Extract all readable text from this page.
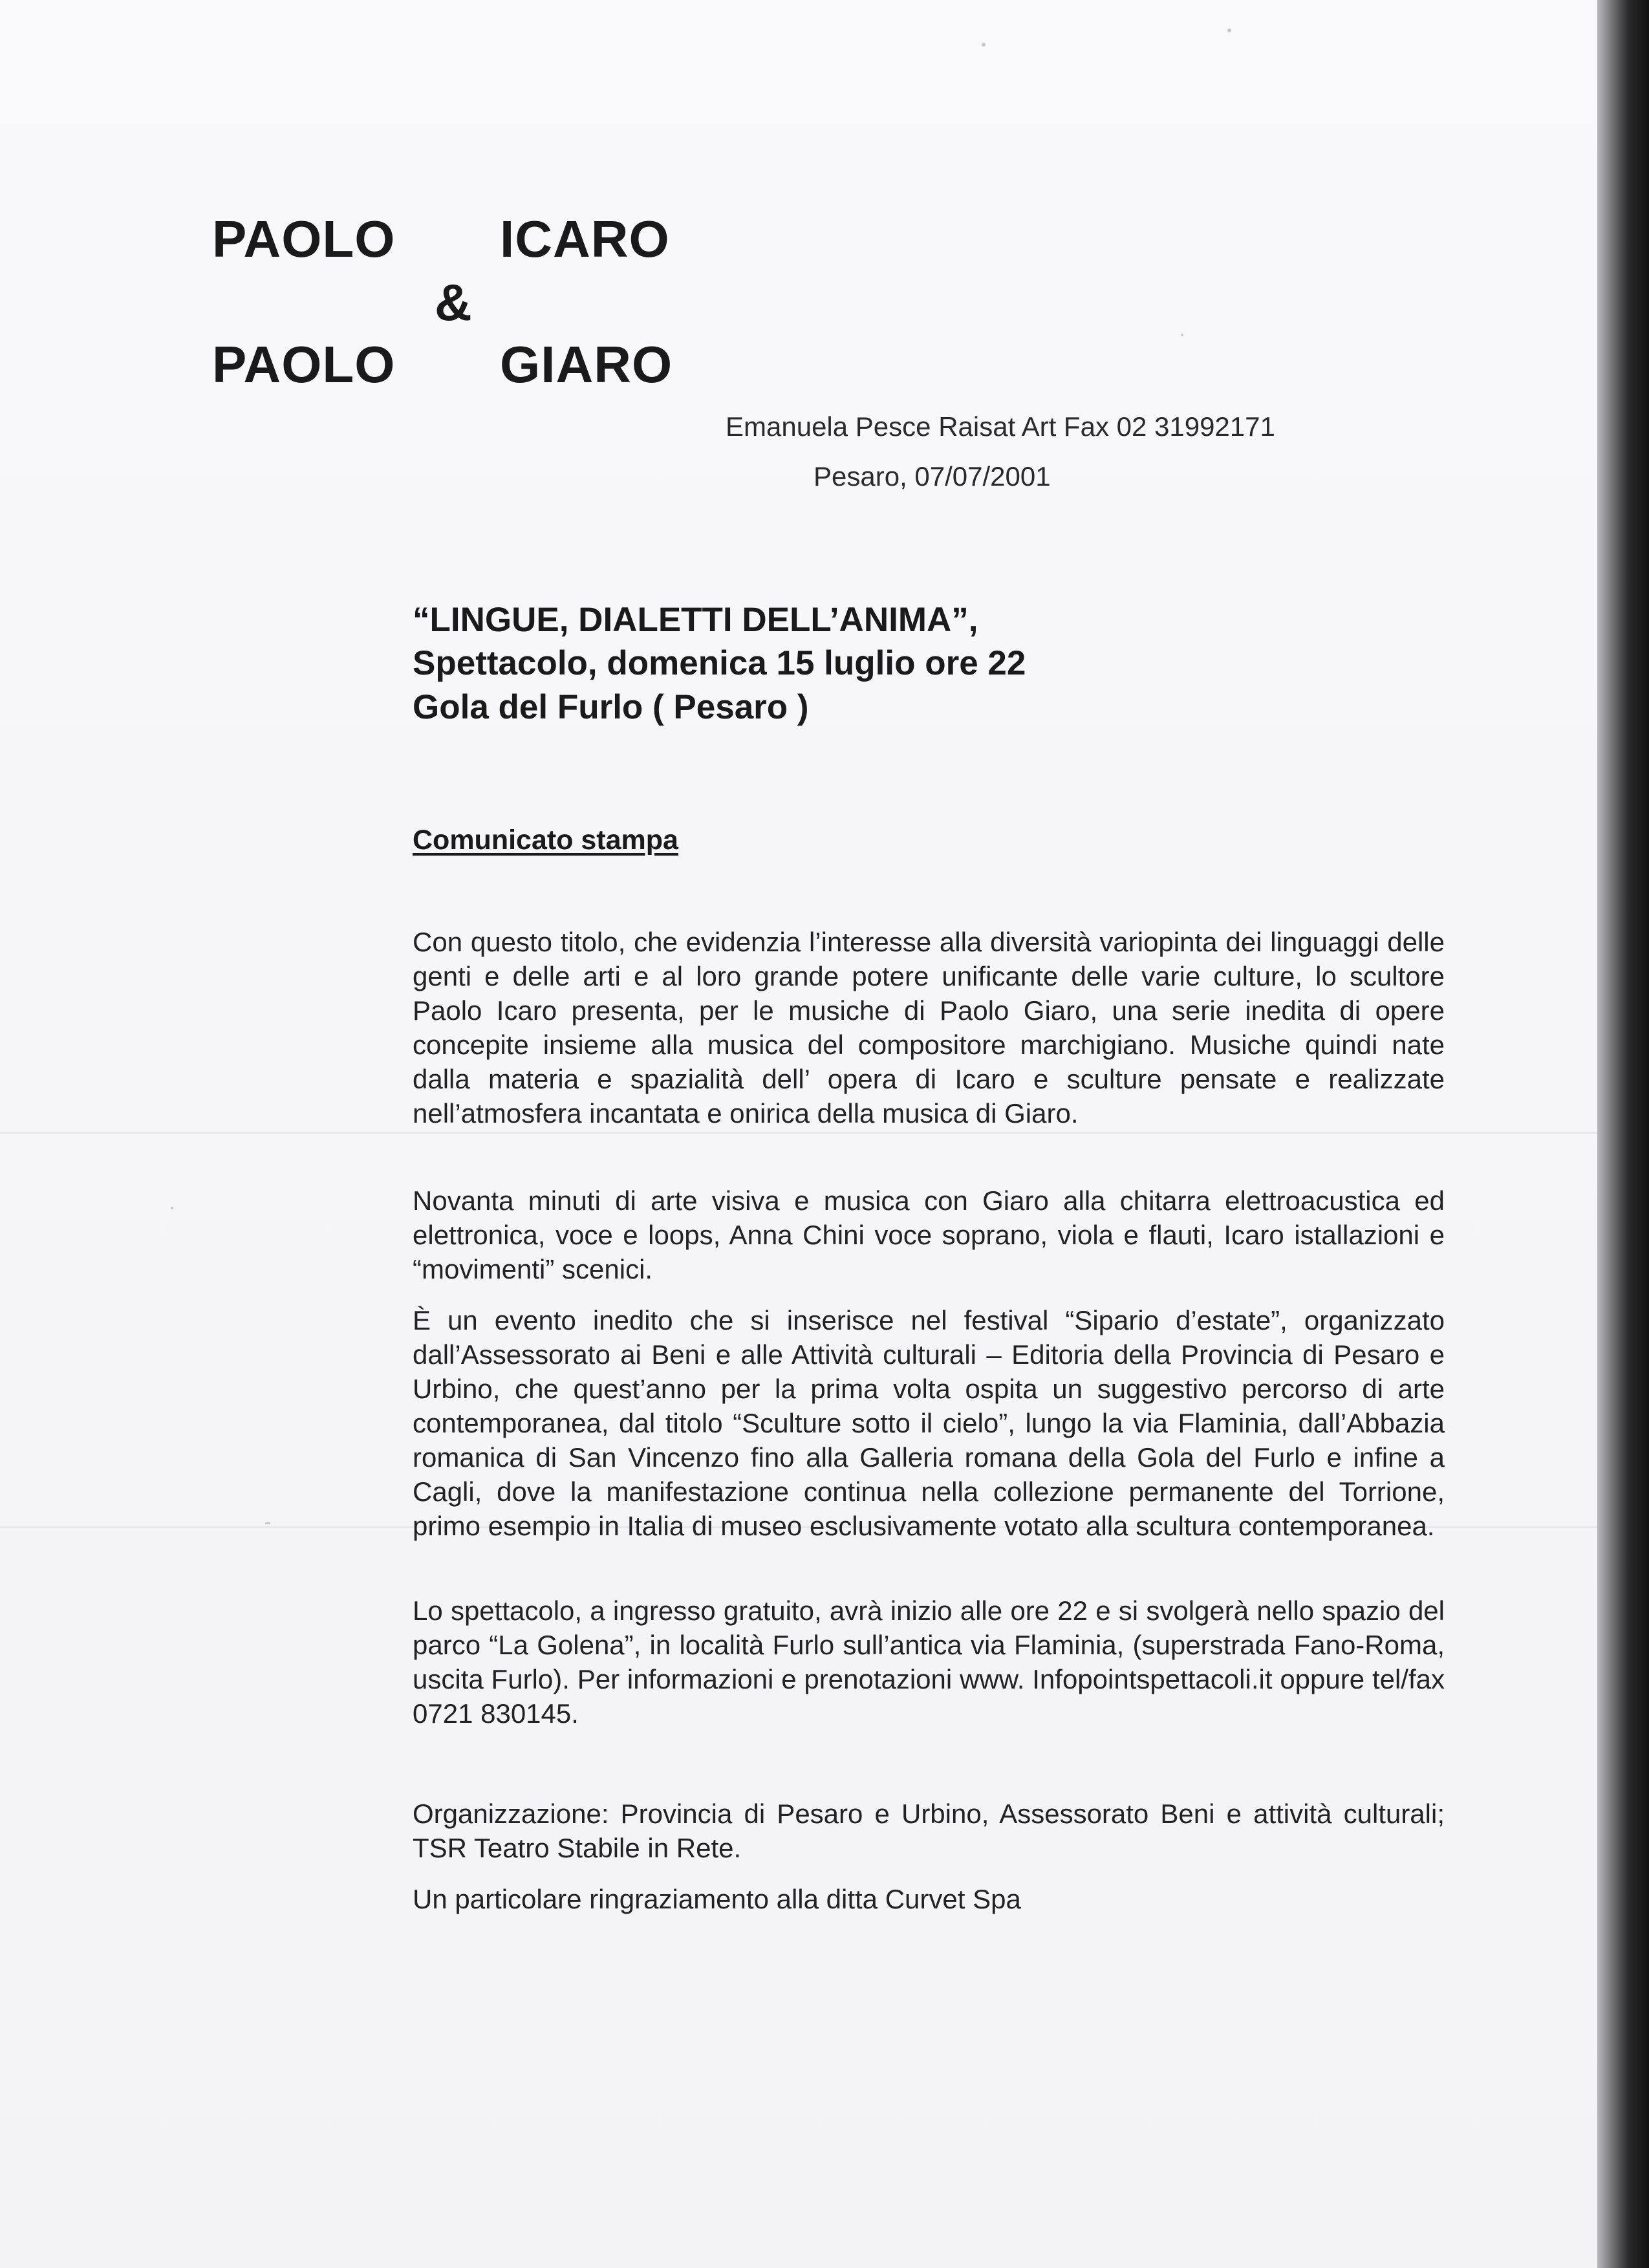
PAOLO ICARO
&
PAOLO GIARO
Emanuela Pesce Raisat Art Fax 02 31992171
Pesaro, 07/07/2001
“LINGUE, DIALETTI DELL’ANIMA”,
Spettacolo, domenica 15 luglio ore 22
Gola del Furlo ( Pesaro )
Comunicato stampa
Con questo titolo, che evidenzia l’interesse alla diversità variopinta dei linguaggi delle genti e delle arti e al loro grande potere unificante delle varie culture, lo scultore Paolo Icaro presenta, per le musiche di Paolo Giaro, una serie inedita di opere concepite insieme alla musica del compositore marchigiano. Musiche quindi nate dalla materia e spazialità dell’ opera di Icaro e sculture pensate e realizzate nell’atmosfera incantata e onirica della musica di Giaro.
Novanta minuti di arte visiva e musica con Giaro alla chitarra elettroacustica ed elettronica, voce e loops, Anna Chini voce soprano, viola e flauti, Icaro istallazioni e “movimenti” scenici.
È un evento inedito che si inserisce nel festival “Sipario d’estate”, organizzato dall’Assessorato ai Beni e alle Attività culturali – Editoria della Provincia di Pesaro e Urbino, che quest’anno per la prima volta ospita un suggestivo percorso di arte contemporanea, dal titolo “Sculture sotto il cielo”, lungo la via Flaminia, dall’Abbazia romanica di San Vincenzo fino alla Galleria romana della Gola del Furlo e infine a Cagli, dove la manifestazione continua nella collezione permanente del Torrione, primo esempio in Italia di museo esclusivamente votato alla scultura contemporanea.
Lo spettacolo, a ingresso gratuito, avrà inizio alle ore 22 e si svolgerà nello spazio del parco “La Golena”, in località Furlo sull’antica via Flaminia, (superstrada Fano-Roma, uscita Furlo). Per informazioni e prenotazioni www. Infopointspettacoli.it oppure tel/fax 0721 830145.
Organizzazione: Provincia di Pesaro e Urbino, Assessorato Beni e attività culturali; TSR Teatro Stabile in Rete.
Un particolare ringraziamento alla ditta Curvet Spa
